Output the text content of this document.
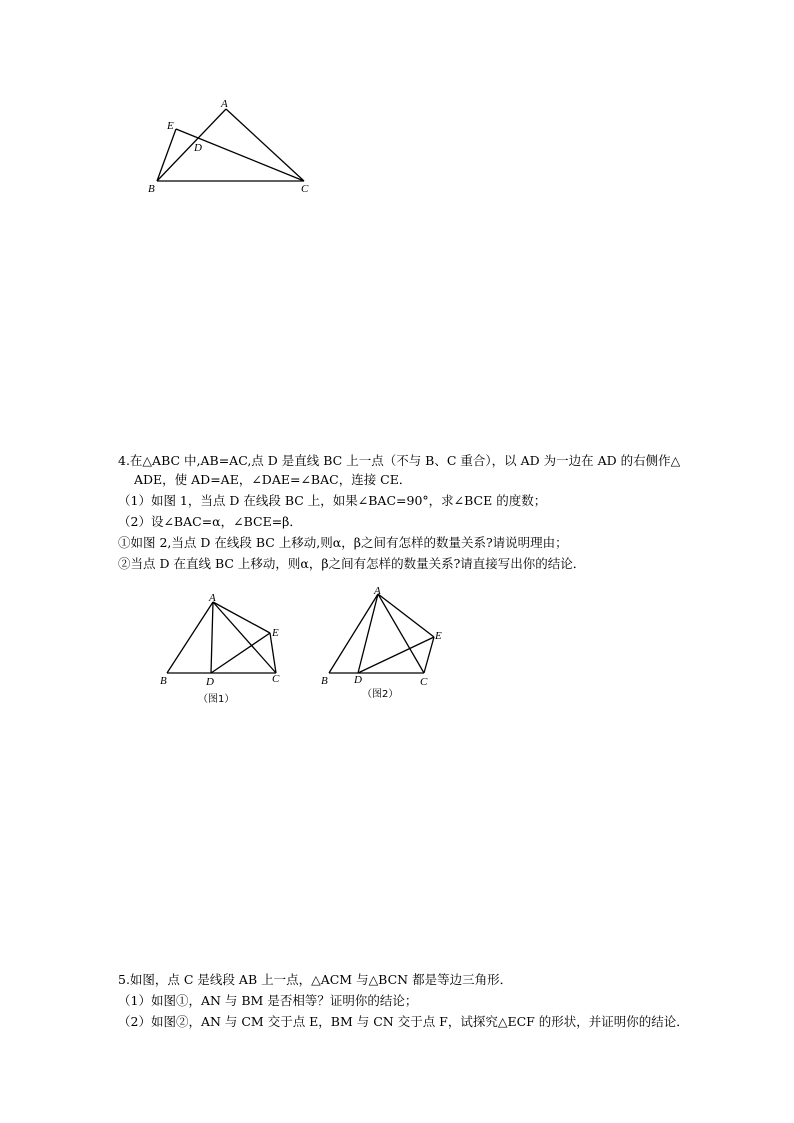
A
E
D
B	C
4.在△ABC 中,AB=AC,点 D 是直线 BC 上一点（不与 B、C 重合），以 AD 为一边在 AD 的右侧作△
ADE，使 AD=AE，∠DAE=∠BAC，连接 CE．
（1）如图 1，当点 D 在线段 BC 上，如果∠BAC=90°，求∠BCE 的度数；
（2）设∠BAC=α，∠BCE=β．
①如图 2,当点 D 在线段 BC 上移动,则α，β之间有怎样的数量关系?请说明理由；
②当点 D 在直线 BC 上移动，则α，β之间有怎样的数量关系?请直接写出你的结论．
A
E
B	D	C
（图1）
A
E
B D	C
（图2）
5.如图，点 C 是线段 AB 上一点，△ACM 与△BCN 都是等边三角形．
（1）如图①，AN 与 BM 是否相等？证明你的结论；
（2）如图②，AN 与 CM 交于点 E，BM 与 CN 交于点 F，试探究△ECF 的形状，并证明你的结论．
